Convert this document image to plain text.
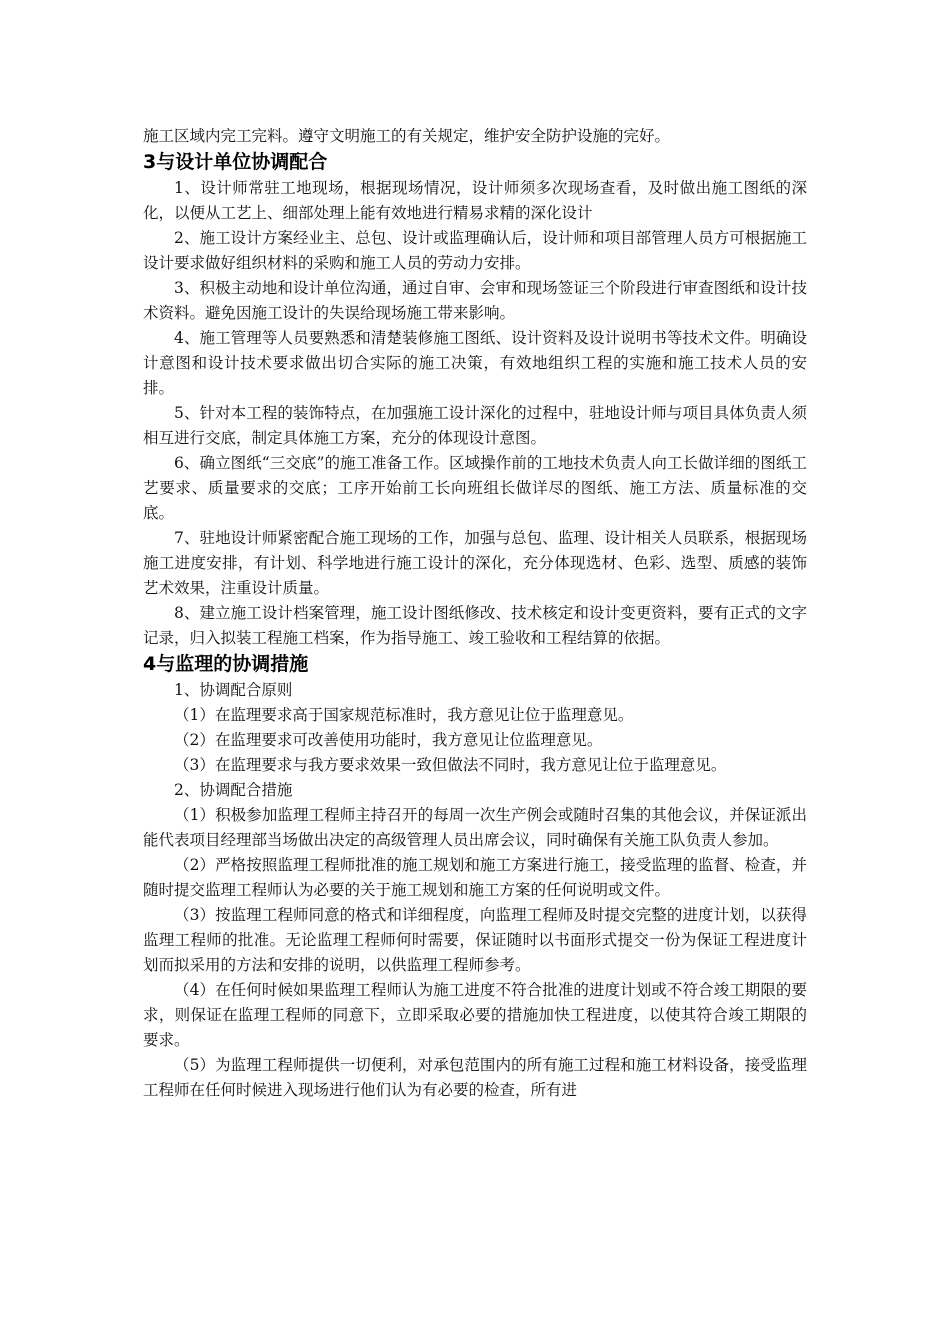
施工区域内完工完料。遵守文明施工的有关规定，维护安全防护设施的完好。

3与设计单位协调配合

1、设计师常驻工地现场，根据现场情况，设计师须多次现场查看，及时做出施工图纸的深化，以便从工艺上、细部处理上能有效地进行精易求精的深化设计

2、施工设计方案经业主、总包、设计或监理确认后，设计师和项目部管理人员方可根据施工设计要求做好组织材料的采购和施工人员的劳动力安排。

3、积极主动地和设计单位沟通，通过自审、会审和现场签证三个阶段进行审查图纸和设计技术资料。避免因施工设计的失误给现场施工带来影响。

4、施工管理等人员要熟悉和清楚装修施工图纸、设计资料及设计说明书等技术文件。明确设计意图和设计技术要求做出切合实际的施工决策，有效地组织工程的实施和施工技术人员的安排。

5、针对本工程的装饰特点，在加强施工设计深化的过程中，驻地设计师与项目具体负责人须相互进行交底，制定具体施工方案，充分的体现设计意图。

6、确立图纸“三交底”的施工准备工作。区域操作前的工地技术负责人向工长做详细的图纸工艺要求、质量要求的交底；工序开始前工长向班组长做详尽的图纸、施工方法、质量标准的交底。

7、驻地设计师紧密配合施工现场的工作，加强与总包、监理、设计相关人员联系，根据现场施工进度安排，有计划、科学地进行施工设计的深化，充分体现选材、色彩、选型、质感的装饰艺术效果，注重设计质量。

8、建立施工设计档案管理，施工设计图纸修改、技术核定和设计变更资料，要有正式的文字记录，归入拟装工程施工档案，作为指导施工、竣工验收和工程结算的依据。

4与监理的协调措施

1、协调配合原则

（1）在监理要求高于国家规范标准时，我方意见让位于监理意见。

（2）在监理要求可改善使用功能时，我方意见让位监理意见。

（3）在监理要求与我方要求效果一致但做法不同时，我方意见让位于监理意见。

2、协调配合措施

（1）积极参加监理工程师主持召开的每周一次生产例会或随时召集的其他会议，并保证派出能代表项目经理部当场做出决定的高级管理人员出席会议，同时确保有关施工队负责人参加。

（2）严格按照监理工程师批准的施工规划和施工方案进行施工，接受监理的监督、检查，并随时提交监理工程师认为必要的关于施工规划和施工方案的任何说明或文件。

（3）按监理工程师同意的格式和详细程度，向监理工程师及时提交完整的进度计划，以获得监理工程师的批准。无论监理工程师何时需要，保证随时以书面形式提交一份为保证工程进度计划而拟采用的方法和安排的说明，以供监理工程师参考。

（4）在任何时候如果监理工程师认为施工进度不符合批准的进度计划或不符合竣工期限的要求，则保证在监理工程师的同意下，立即采取必要的措施加快工程进度，以使其符合竣工期限的要求。

（5）为监理工程师提供一切便利，对承包范围内的所有施工过程和施工材料设备，接受监理工程师在任何时候进入现场进行他们认为有必要的检查，所有进
